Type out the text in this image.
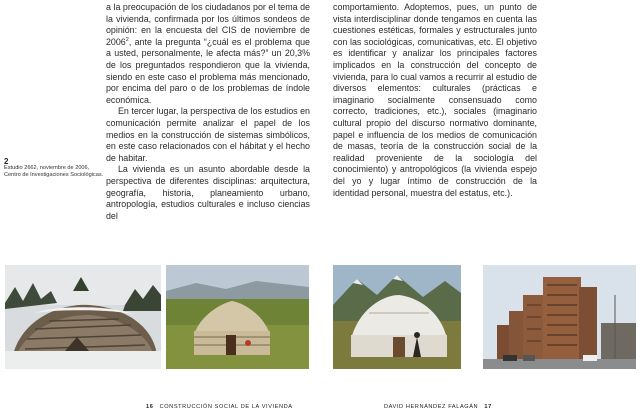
a la preocupación de los ciudadanos por el tema de la vivienda, confirmada por los últimos sondeos de opinión: en la encuesta del CIS de noviembre de 2006$^2$, ante la pregunta “¿cuál es el problema que a usted, personalmente, le afecta más?” un 20,3% de los preguntados respondieron que la vivienda, siendo en este caso el problema más mencionado, por encima del paro o de los problemas de índole económica.

En tercer lugar, la perspectiva de los estudios en comunicación permite analizar el papel de los medios en la construcción de sistemas simbólicos, en este caso relacionados con el hábitat y el hecho de habitar.

La vivienda es un asunto abordable desde la perspectiva de diferentes disciplinas: arquitectura, geografía, historia, planeamiento urbano, antropología, estudios culturales e incluso ciencias del

comportamiento. Adoptemos, pues, un punto de vista interdisciplinar donde tengamos en cuenta las cuestiones estéticas, formales y estructurales junto con las sociológicas, comunicativas, etc. El objetivo es identificar y analizar los principales factores implicados en la construcción del concepto de vivienda, para lo cual vamos a recurrir al estudio de diversos elementos: culturales (prácticas e imaginario socialmente consensuado como correcto, tradiciones, etc.), sociales (imaginario cultural propio del discurso normativo dominante, papel e influencia de los medios de comunicación de masas, teoría de la construcción social de la realidad proveniente de la sociología del conocimiento) y antropológicos (la vivienda espejo del yo y lugar íntimo de construcción de la identidad personal, muestra del estatus, etc.).

2
Estudio 2662, noviembre de 2006, Centro de Investigaciones Sociológicas.
16 CONSTRUCCIÓN SOCIAL DE LA VIVIENDA	DAVID HERNÁNDEZ FALAGÁN 17
